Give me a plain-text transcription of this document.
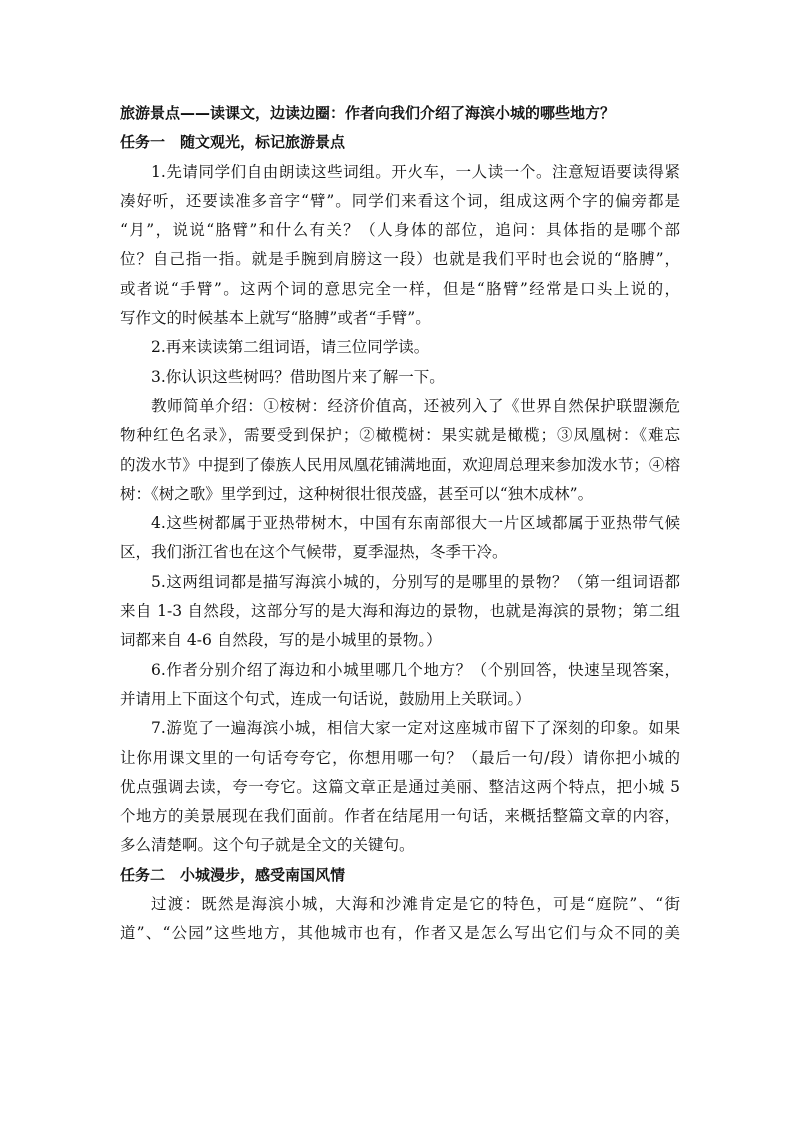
旅游景点——读课文，边读边圈：作者向我们介绍了海滨小城的哪些地方？
任务一　随文观光，标记旅游景点
1.先请同学们自由朗读这些词组。开火车，一人读一个。注意短语要读得紧
凑好听，还要读准多音字“臂”。同学们来看这个词，组成这两个字的偏旁都是
“月”，说说“胳臂”和什么有关？（人身体的部位，追问：具体指的是哪个部
位？自己指一指。就是手腕到肩膀这一段）也就是我们平时也会说的“胳膊”，
或者说“手臂”。这两个词的意思完全一样，但是“胳臂”经常是口头上说的，
写作文的时候基本上就写“胳膊”或者“手臂”。
2.再来读读第二组词语，请三位同学读。
3.你认识这些树吗？借助图片来了解一下。
教师简单介绍：①桉树：经济价值高，还被列入了《世界自然保护联盟濒危
物种红色名录》，需要受到保护；②橄榄树：果实就是橄榄；③凤凰树：《难忘
的泼水节》中提到了傣族人民用凤凰花铺满地面，欢迎周总理来参加泼水节；④榕
树：《树之歌》里学到过，这种树很壮很茂盛，甚至可以“独木成林”。
4.这些树都属于亚热带树木，中国有东南部很大一片区域都属于亚热带气候
区，我们浙江省也在这个气候带，夏季湿热，冬季干冷。
5.这两组词都是描写海滨小城的，分别写的是哪里的景物？（第一组词语都
来自 1-3 自然段，这部分写的是大海和海边的景物，也就是海滨的景物；第二组
词都来自 4-6 自然段，写的是小城里的景物。）
6.作者分别介绍了海边和小城里哪几个地方？（个别回答，快速呈现答案，
并请用上下面这个句式，连成一句话说，鼓励用上关联词。）
7.游览了一遍海滨小城，相信大家一定对这座城市留下了深刻的印象。如果
让你用课文里的一句话夸夸它，你想用哪一句？（最后一句/段）请你把小城的
优点强调去读，夸一夸它。这篇文章正是通过美丽、整洁这两个特点，把小城 5
个地方的美景展现在我们面前。作者在结尾用一句话，来概括整篇文章的内容，
多么清楚啊。这个句子就是全文的关键句。
任务二　小城漫步，感受南国风情
过渡：既然是海滨小城，大海和沙滩肯定是它的特色，可是“庭院”、“街
道”、“公园”这些地方，其他城市也有，作者又是怎么写出它们与众不同的美
